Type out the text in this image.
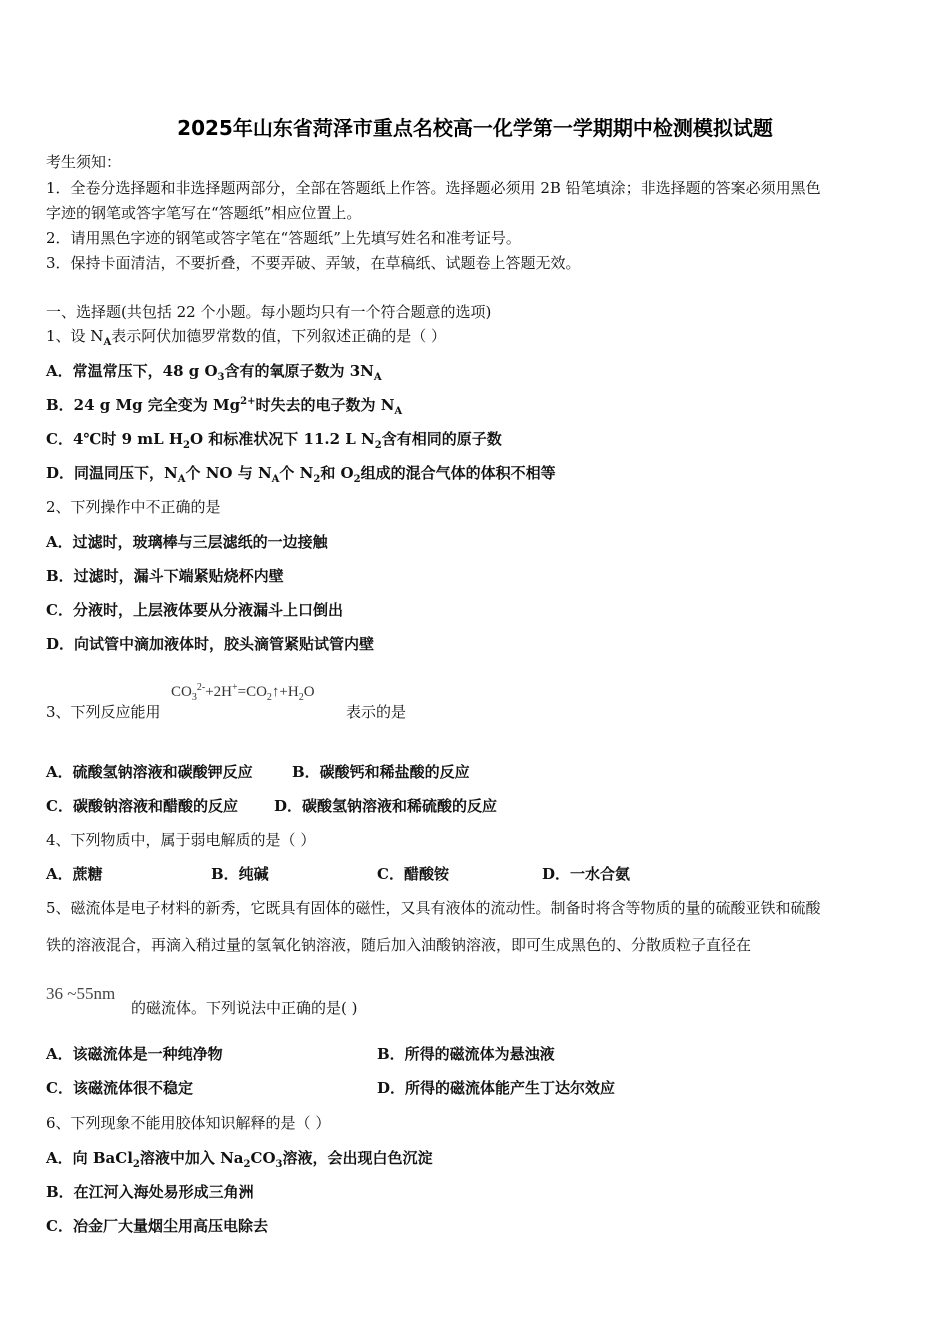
2025年山东省菏泽市重点名校高一化学第一学期期中检测模拟试题
考生须知：
1．全卷分选择题和非选择题两部分，全部在答题纸上作答。选择题必须用 2B 铅笔填涂；非选择题的答案必须用黑色
字迹的钢笔或答字笔写在“答题纸”相应位置上。
2．请用黑色字迹的钢笔或答字笔在“答题纸”上先填写姓名和准考证号。
3．保持卡面清洁，不要折叠，不要弄破、弄皱，在草稿纸、试题卷上答题无效。
一、选择题(共包括 22 个小题。每小题均只有一个符合题意的选项)
1、设 $N_A$表示阿伏加德罗常数的值，下列叙述正确的是（ ）
A．常温常压下，48 g $O_3$含有的氧原子数为 $3N_A$
B．24 g Mg 完全变为 $Mg^{2+}$时失去的电子数为 $N_A$
C．4℃时 9 mL $H_2O$ 和标准状况下 11.2 L $N_2$含有相同的原子数
D．同温同压下，$N_A$个 NO 与 $N_A$个 $N_2$和 $O_2$组成的混合气体的体积不相等
2、下列操作中不正确的是
A．过滤时，玻璃棒与三层滤纸的一边接触
B．过滤时，漏斗下端紧贴烧杯内壁
C．分液时，上层液体要从分液漏斗上口倒出
D．向试管中滴加液体时，胶头滴管紧贴试管内壁
$CO_3^{2-}+2H^+=CO_2↑+H_2O$
3、下列反应能用	表示的是
A．硫酸氢钠溶液和碳酸钾反应	B．碳酸钙和稀盐酸的反应
C．碳酸钠溶液和醋酸的反应 D．碳酸氢钠溶液和稀硫酸的反应
4、下列物质中，属于弱电解质的是（ ）
A．蔗糖	B．纯碱	C．醋酸铵	D．一水合氨
5、磁流体是电子材料的新秀，它既具有固体的磁性，又具有液体的流动性。制备时将含等物质的量的硫酸亚铁和硫酸
铁的溶液混合，再滴入稍过量的氢氧化钠溶液，随后加入油酸钠溶液，即可生成黑色的、分散质粒子直径在
36 ~55nm
的磁流体。下列说法中正确的是( )
A．该磁流体是一种纯净物	B．所得的磁流体为悬浊液
C．该磁流体很不稳定	D．所得的磁流体能产生丁达尔效应
6、下列现象不能用胶体知识解释的是（ ）
A．向 BaCl$_2$溶液中加入 $Na_2CO_3$溶液，会出现白色沉淀
B．在江河入海处易形成三角洲
C．冶金厂大量烟尘用高压电除去
